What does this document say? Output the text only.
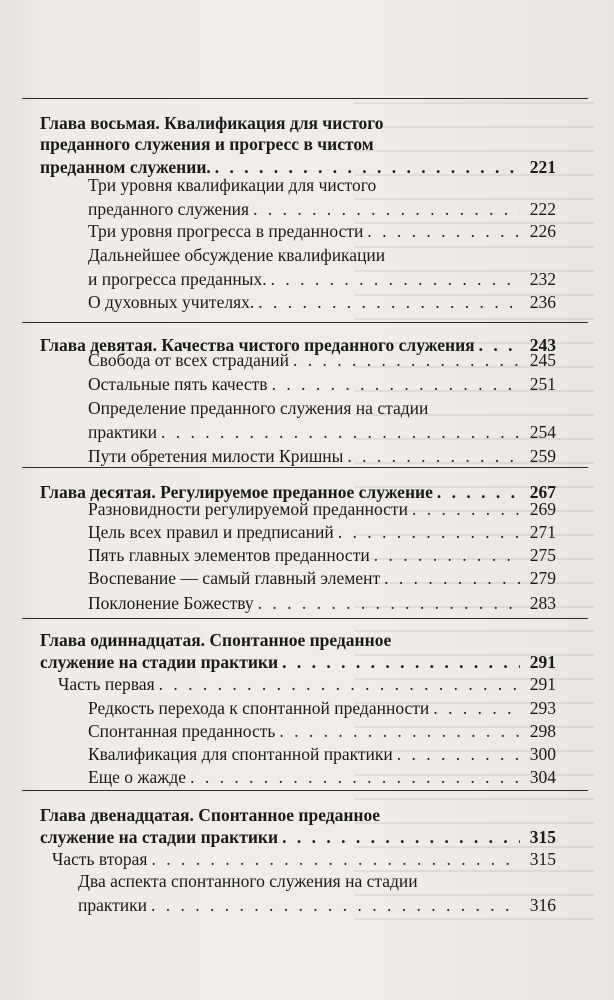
Глава восьмая. Квалификация для чистого
преданного служения и прогресс в чистом
преданном служении. . . .	221
Три уровня квалификации для чистого
преданного служения . . .	222
Три уровня прогресса в преданности . . .	226
Дальнейшее обсуждение квалификации
и прогресса преданных. . . .	232
О духовных учителях. . . .	236
Глава девятая. Качества чистого преданного служения . . .	243
Свобода от всех страданий . . .	245
Остальные пять качеств . . .	251
Определение преданного служения на стадии
практики . . .	254
Пути обретения милости Кришны . . .	259
Глава десятая. Регулируемое преданное служение . . .	267
Разновидности регулируемой преданности . . .	269
Цель всех правил и предписаний . . .	271
Пять главных элементов преданности . . .	275
Воспевание — самый главный элемент . . .	279
Поклонение Божеству . . .	283
Глава одиннадцатая. Спонтанное преданное
служение на стадии практики . . .	291
Часть первая . . .	291
Редкость перехода к спонтанной преданности . . .	293
Спонтанная преданность . . .	298
Квалификация для спонтанной практики . . .	300
Еще о жажде . . .	304
Глава двенадцатая. Спонтанное преданное
служение на стадии практики . . .	315
Часть вторая . . .	315
Два аспекта спонтанного служения на стадии
практики . . .	316
